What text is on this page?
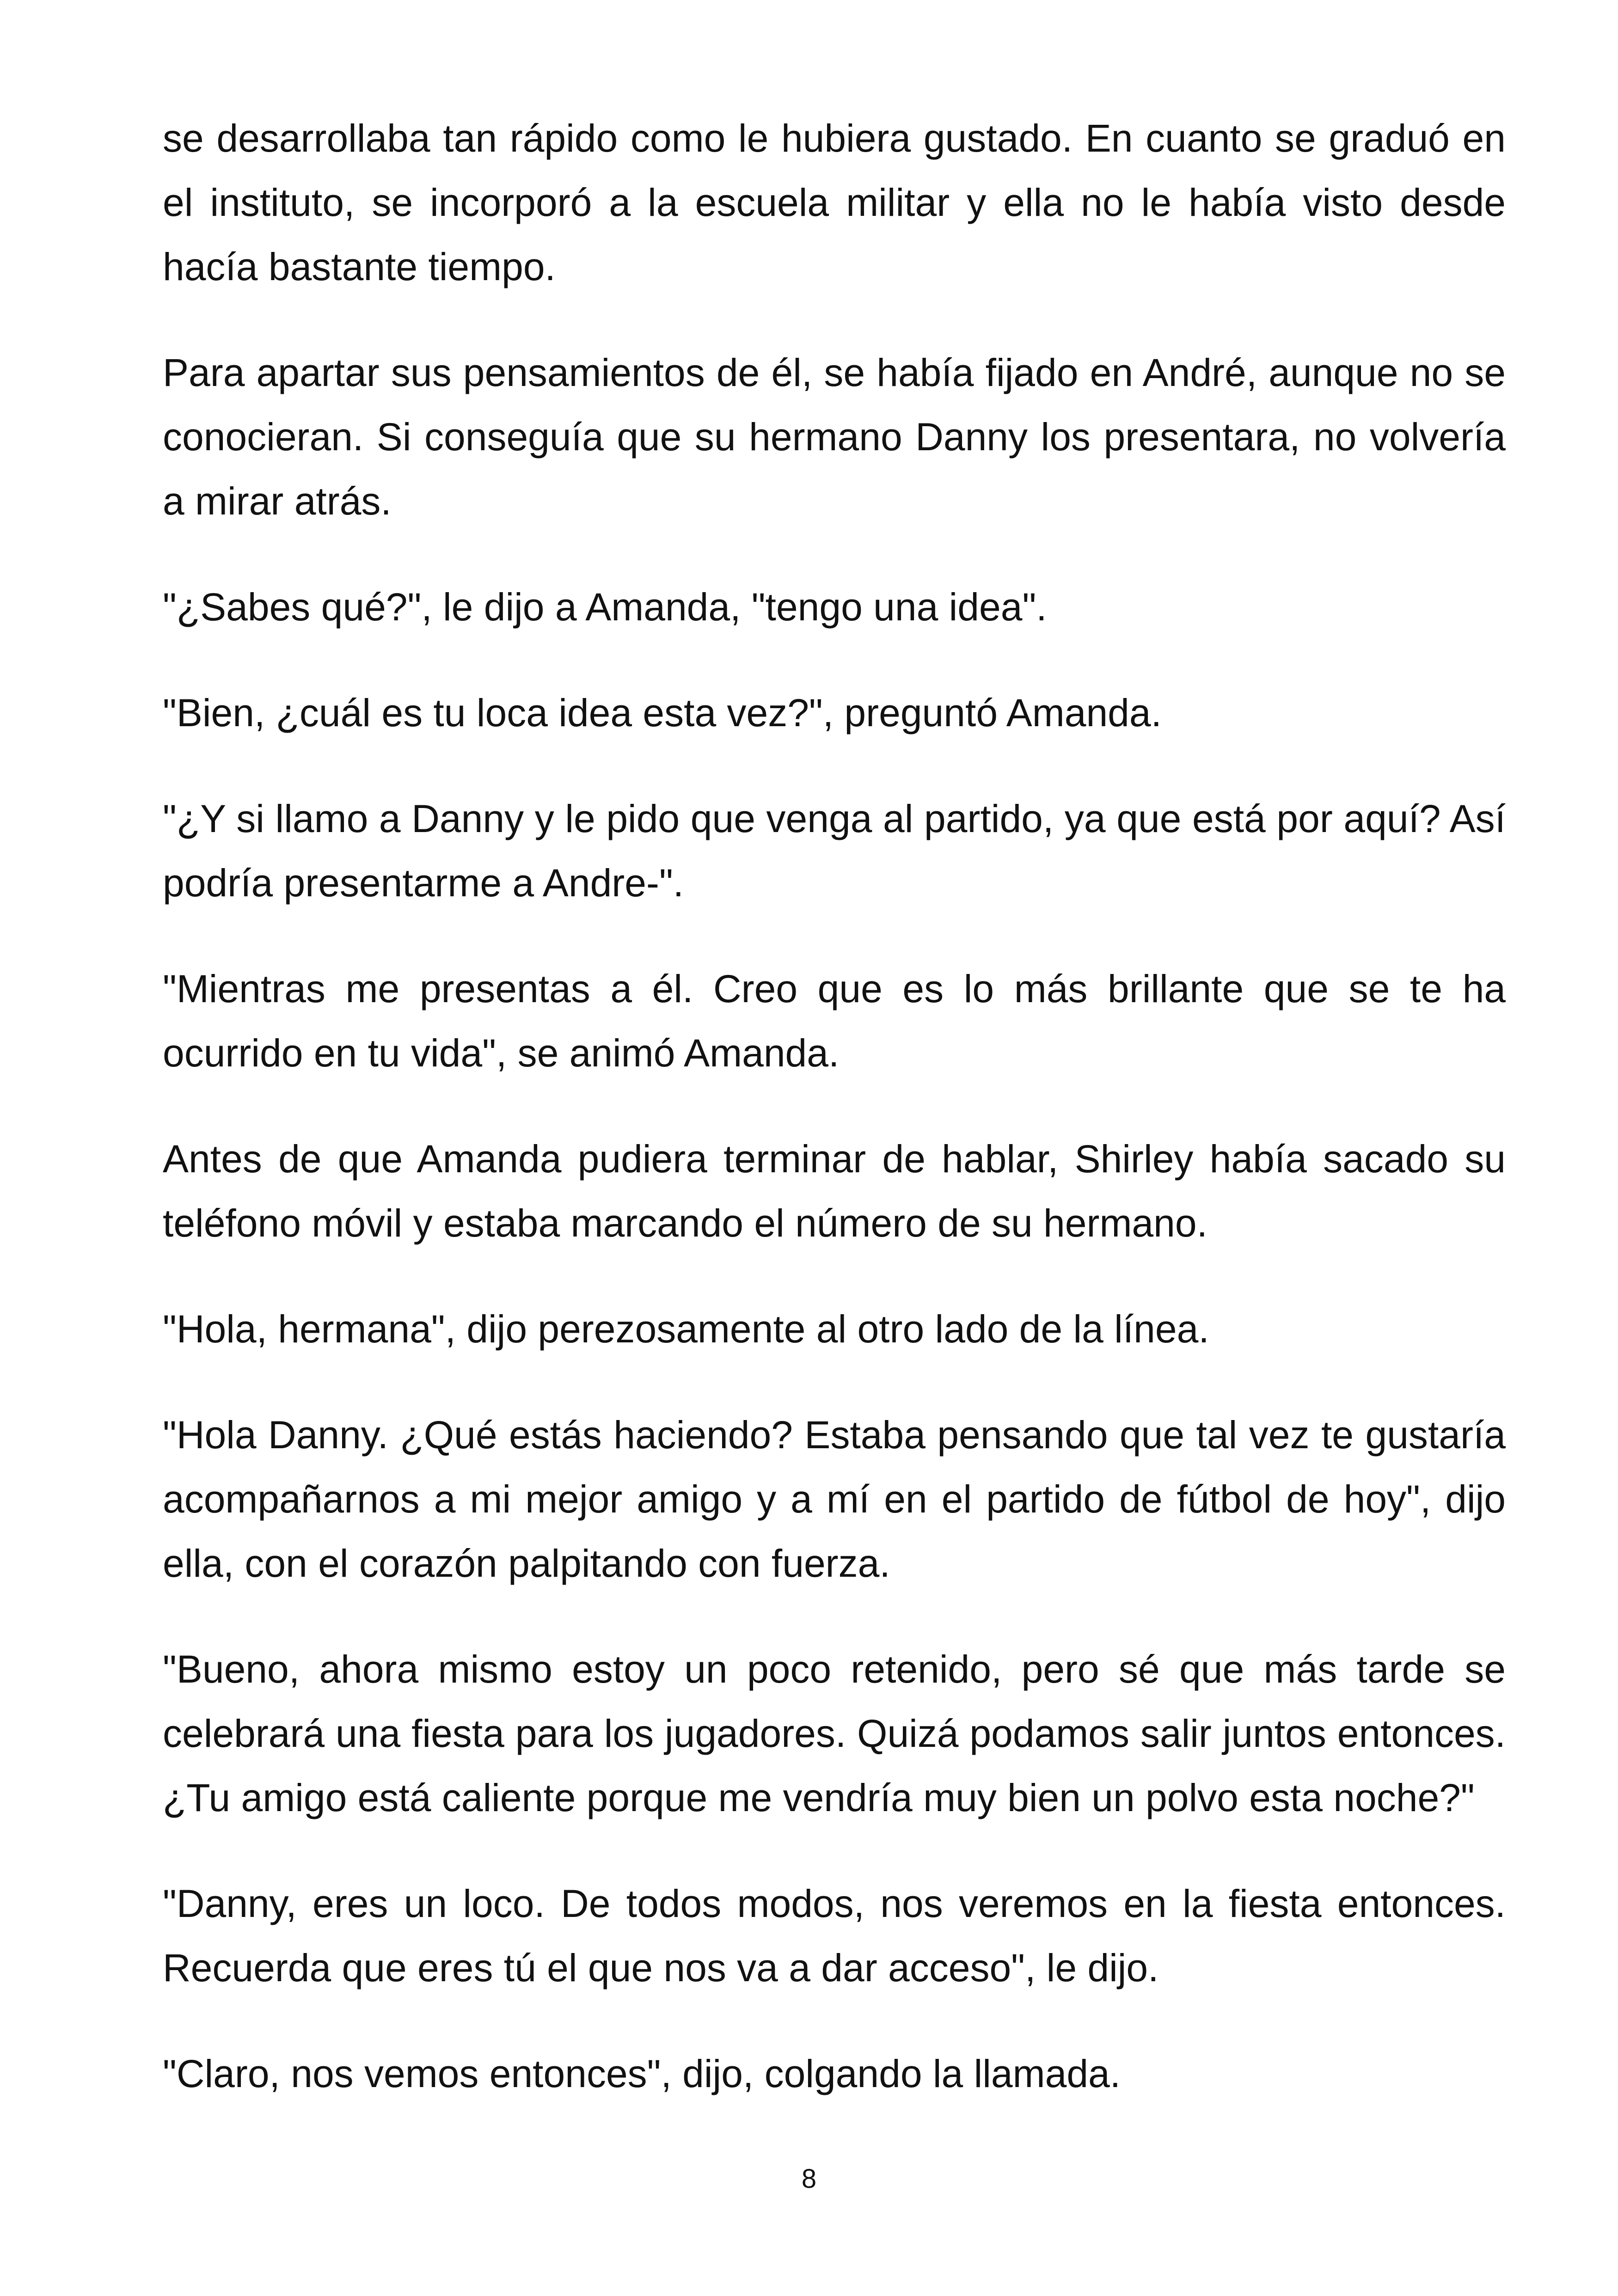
se desarrollaba tan rápido como le hubiera gustado. En cuanto se graduó en el instituto, se incorporó a la escuela militar y ella no le había visto desde hacía bastante tiempo.

Para apartar sus pensamientos de él, se había fijado en André, aunque no se conocieran. Si conseguía que su hermano Danny los presentara, no volvería a mirar atrás.

"¿Sabes qué?", le dijo a Amanda, "tengo una idea".

"Bien, ¿cuál es tu loca idea esta vez?", preguntó Amanda.

"¿Y si llamo a Danny y le pido que venga al partido, ya que está por aquí? Así podría presentarme a Andre-".

"Mientras me presentas a él. Creo que es lo más brillante que se te ha ocurrido en tu vida", se animó Amanda.

Antes de que Amanda pudiera terminar de hablar, Shirley había sacado su teléfono móvil y estaba marcando el número de su hermano.

"Hola, hermana", dijo perezosamente al otro lado de la línea.

"Hola Danny. ¿Qué estás haciendo? Estaba pensando que tal vez te gustaría acompañarnos a mi mejor amigo y a mí en el partido de fútbol de hoy", dijo ella, con el corazón palpitando con fuerza.

"Bueno, ahora mismo estoy un poco retenido, pero sé que más tarde se celebrará una fiesta para los jugadores. Quizá podamos salir juntos entonces. ¿Tu amigo está caliente porque me vendría muy bien un polvo esta noche?"

"Danny, eres un loco. De todos modos, nos veremos en la fiesta entonces. Recuerda que eres tú el que nos va a dar acceso", le dijo.

"Claro, nos vemos entonces", dijo, colgando la llamada.

8
